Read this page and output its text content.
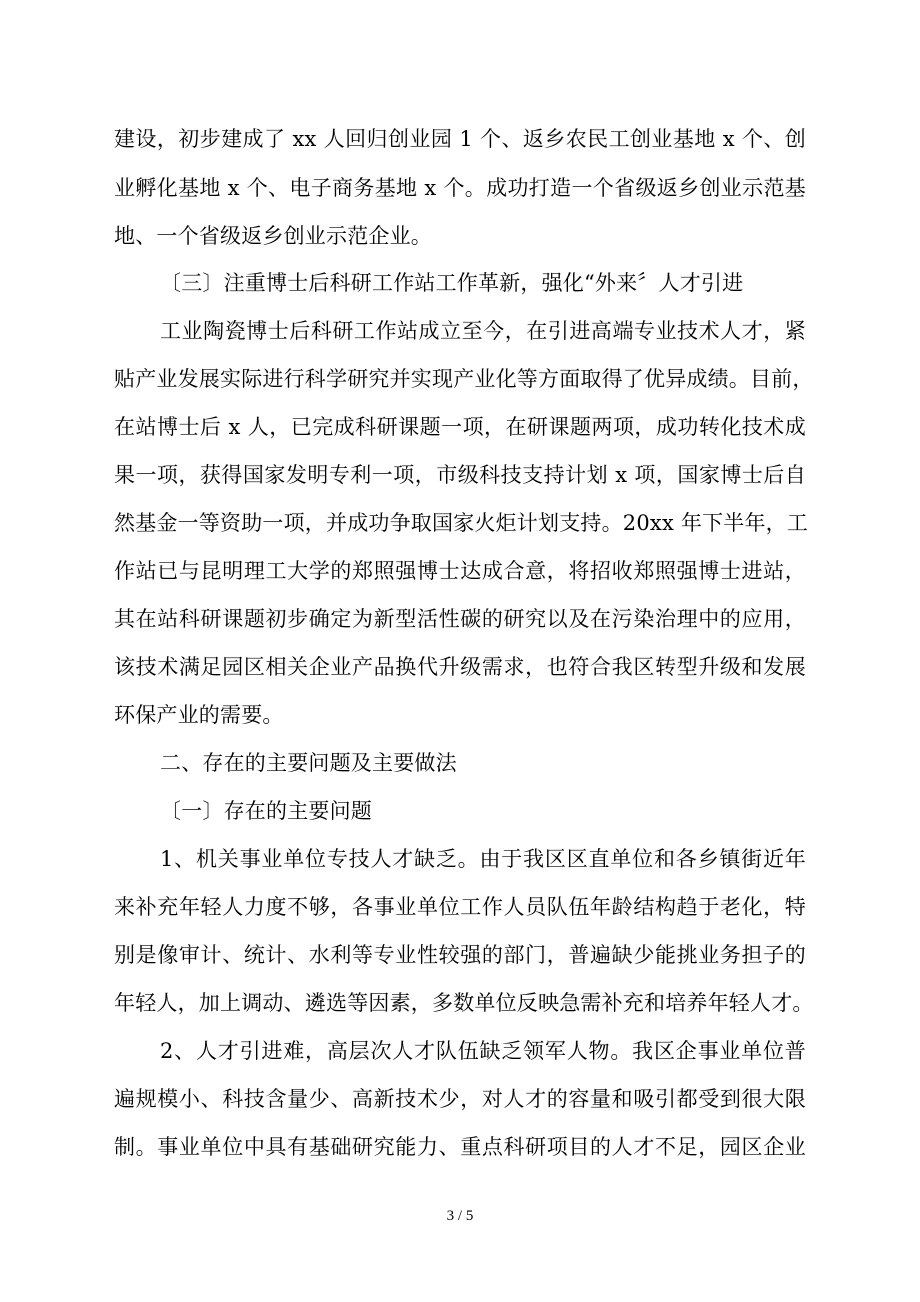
建设，初步建成了 xx 人回归创业园 1 个、返乡农民工创业基地 x 个、创

业孵化基地 x 个、电子商务基地 x 个。成功打造一个省级返乡创业示范基

地、一个省级返乡创业示范企业。

〔三〕注重博士后科研工作站工作革新，强化“外来〞人才引进

工业陶瓷博士后科研工作站成立至今，在引进高端专业技术人才，紧

贴产业发展实际进行科学研究并实现产业化等方面取得了优异成绩。目前，

在站博士后 x 人，已完成科研课题一项，在研课题两项，成功转化技术成

果一项，获得国家发明专利一项，市级科技支持计划 x 项，国家博士后自

然基金一等资助一项，并成功争取国家火炬计划支持。20xx 年下半年，工

作站已与昆明理工大学的郑照强博士达成合意，将招收郑照强博士进站，

其在站科研课题初步确定为新型活性碳的研究以及在污染治理中的应用，

该技术满足园区相关企业产品换代升级需求，也符合我区转型升级和发展

环保产业的需要。

二、存在的主要问题及主要做法

〔一〕存在的主要问题

1、机关事业单位专技人才缺乏。由于我区区直单位和各乡镇街近年

来补充年轻人力度不够，各事业单位工作人员队伍年龄结构趋于老化，特

别是像审计、统计、水利等专业性较强的部门，普遍缺少能挑业务担子的

年轻人，加上调动、遴选等因素，多数单位反映急需补充和培养年轻人才。

2、人才引进难，高层次人才队伍缺乏领军人物。我区企事业单位普

遍规模小、科技含量少、高新技术少，对人才的容量和吸引都受到很大限

制。事业单位中具有基础研究能力、重点科研项目的人才不足，园区企业

3 / 5
